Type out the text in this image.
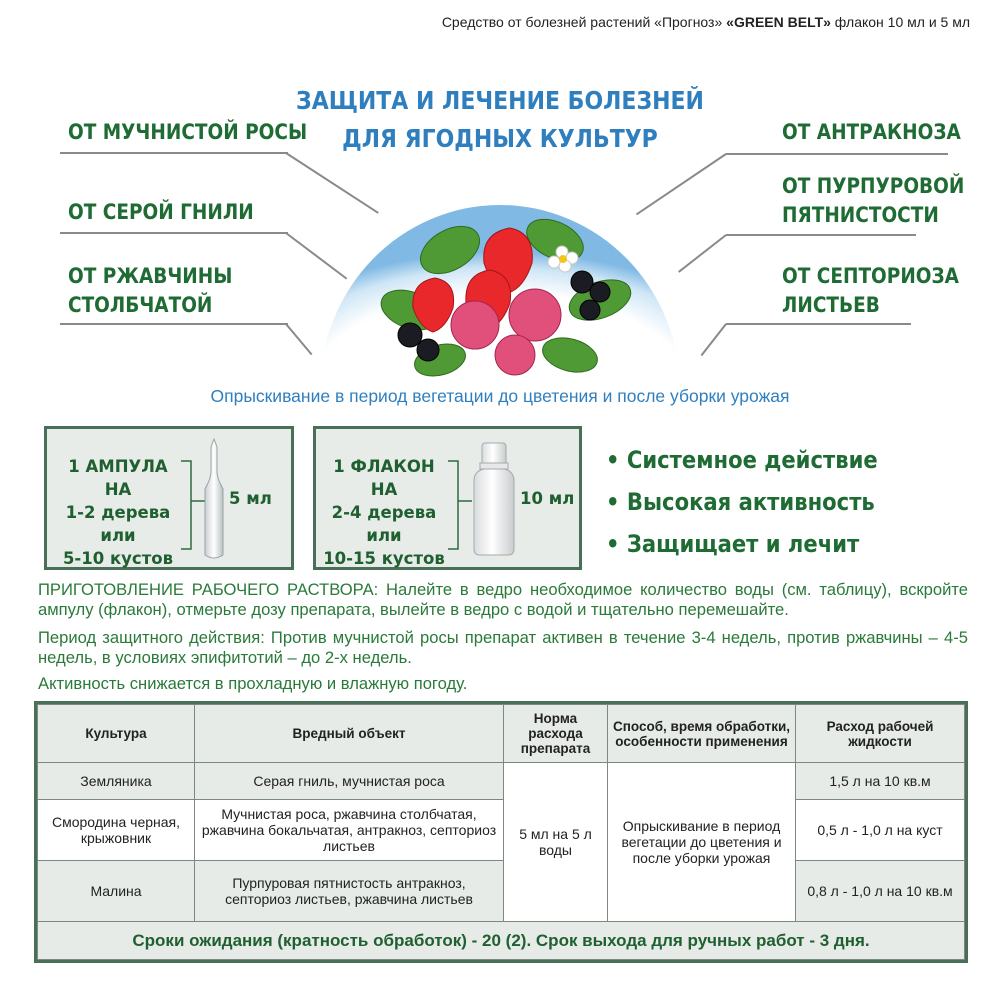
Средство от болезней растений «Прогноз» «GREEN BELT» флакон 10 мл и 5 мл
ЗАЩИТА И ЛЕЧЕНИЕ БОЛЕЗНЕЙ
ДЛЯ ЯГОДНЫХ КУЛЬТУР
ОТ МУЧНИСТОЙ РОСЫ
ОТ СЕРОЙ ГНИЛИ
ОТ РЖАВЧИНЫ
СТОЛБЧАТОЙ
ОТ АНТРАКНОЗА
ОТ ПУРПУРОВОЙ
ПЯТНИСТОСТИ
ОТ СЕПТОРИОЗА
ЛИСТЬЕВ
Опрыскивание в период вегетации до цветения и после уборки урожая
1 АМПУЛА НА
1-2 дерева
или
5-10 кустов
5 мл
1 ФЛАКОН НА
2-4 дерева
или
10-15 кустов
10 мл
• Системное действие
• Высокая активность
• Защищает и лечит
ПРИГОТОВЛЕНИЕ РАБОЧЕГО РАСТВОРА: Налейте в ведро необходимое количество воды (см. таблицу), вскройте ампулу (флакон), отмерьте дозу препарата, вылейте в ведро с водой и тщательно перемешайте.
Период защитного действия: Против мучнистой росы препарат активен в течение 3-4 недель, против ржавчины – 4-5 недель, в условиях эпифитотий – до 2-х недель.
Активность снижается в прохладную и влажную погоду.
Культура	Вредный объект	Норма расхода препарата	Способ, время обработки, особенности применения	Расход рабочей жидкости
Земляника	Серая гниль, мучнистая роса	5 мл на 5 л воды	Опрыскивание в период вегетации до цветения и после уборки урожая	1,5 л на 10 кв.м
Смородина черная, крыжовник	Мучнистая роса, ржавчина столбчатая, ржавчина бокальчатая, антракноз, септориоз листьев			0,5 л - 1,0 л на куст
Малина	Пурпуровая пятнистость антракноз, септориоз листьев, ржавчина листьев			0,8 л - 1,0 л на 10 кв.м
Сроки ожидания (кратность обработок) - 20 (2). Срок выхода для ручных работ - 3 дня.				
